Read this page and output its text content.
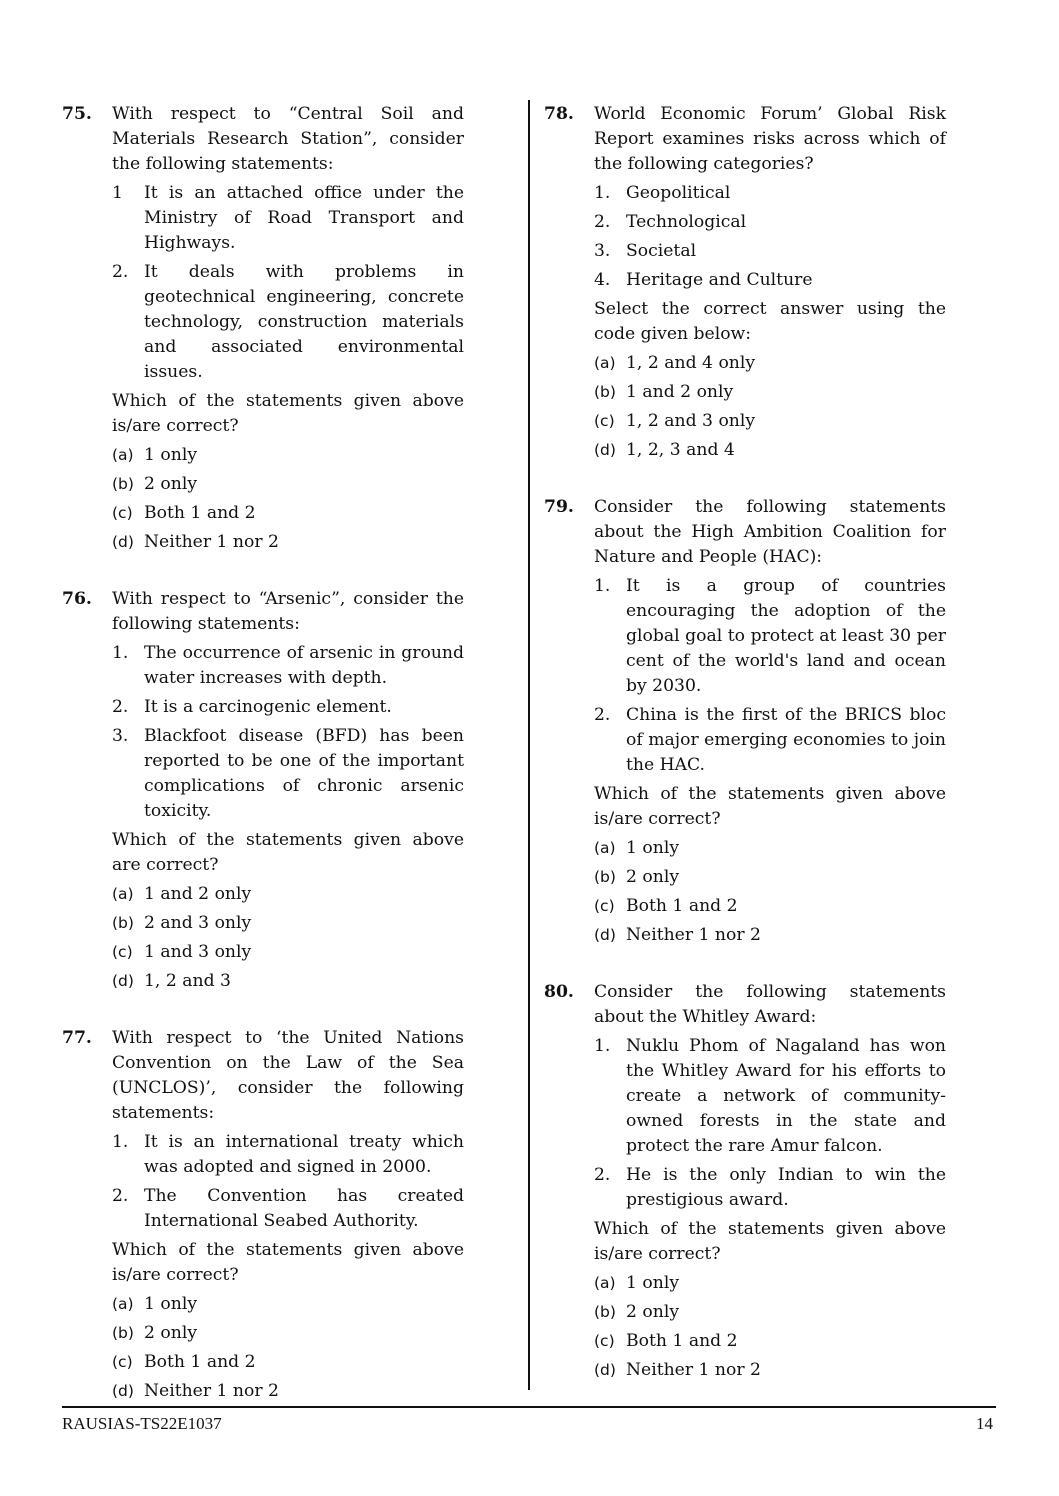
75. With respect to “Central Soil and Materials Research Station”, consider the following statements:
1 It is an attached office under the Ministry of Road Transport and Highways.
2. It deals with problems in geotechnical engineering, concrete technology, construction materials and associated environmental issues.
Which of the statements given above is/are correct?
(a) 1 only
(b) 2 only
(c) Both 1 and 2
(d) Neither 1 nor 2
76. With respect to “Arsenic”, consider the following statements:
1. The occurrence of arsenic in ground water increases with depth.
2. It is a carcinogenic element.
3. Blackfoot disease (BFD) has been reported to be one of the important complications of chronic arsenic toxicity.
Which of the statements given above are correct?
(a) 1 and 2 only
(b) 2 and 3 only
(c) 1 and 3 only
(d) 1, 2 and 3
77. With respect to ‘the United Nations Convention on the Law of the Sea (UNCLOS)’, consider the following statements:
1. It is an international treaty which was adopted and signed in 2000.
2. The Convention has created International Seabed Authority.
Which of the statements given above is/are correct?
(a) 1 only
(b) 2 only
(c) Both 1 and 2
(d) Neither 1 nor 2
78. World Economic Forum’ Global Risk Report examines risks across which of the following categories?
1. Geopolitical
2. Technological
3. Societal
4. Heritage and Culture
Select the correct answer using the code given below:
(a) 1, 2 and 4 only
(b) 1 and 2 only
(c) 1, 2 and 3 only
(d) 1, 2, 3 and 4
79. Consider the following statements about the High Ambition Coalition for Nature and People (HAC):
1. It is a group of countries encouraging the adoption of the global goal to protect at least 30 per cent of the world's land and ocean by 2030.
2. China is the first of the BRICS bloc of major emerging economies to join the HAC.
Which of the statements given above is/are correct?
(a) 1 only
(b) 2 only
(c) Both 1 and 2
(d) Neither 1 nor 2
80. Consider the following statements about the Whitley Award:
1. Nuklu Phom of Nagaland has won the Whitley Award for his efforts to create a network of community-owned forests in the state and protect the rare Amur falcon.
2. He is the only Indian to win the prestigious award.
Which of the statements given above is/are correct?
(a) 1 only
(b) 2 only
(c) Both 1 and 2
(d) Neither 1 nor 2
RAUSIAS-TS22E1037	14
